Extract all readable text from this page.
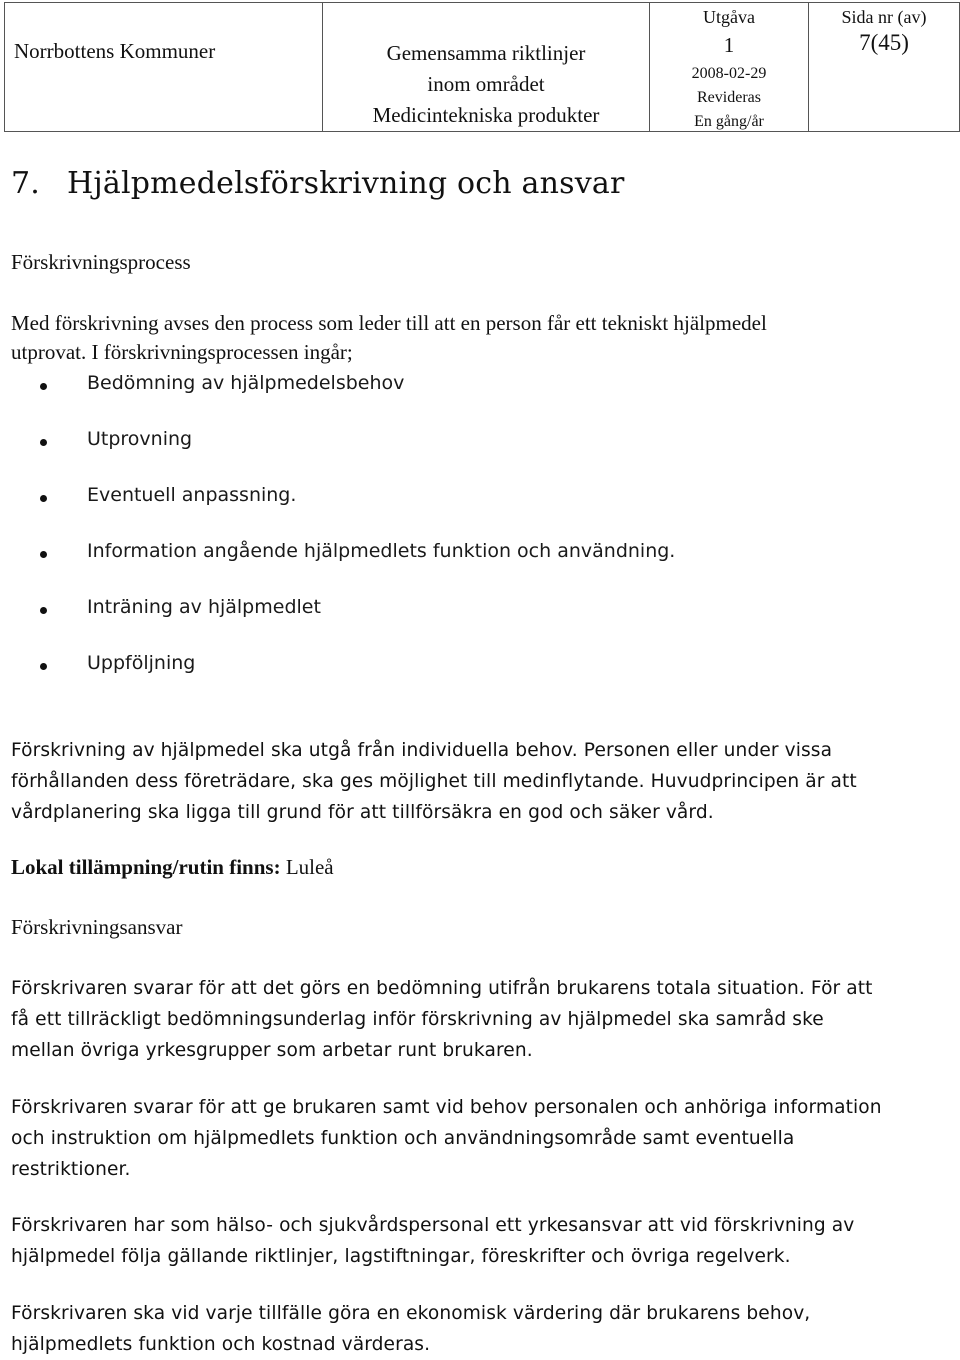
Norrbottens Kommuner	Gemensamma riktlinjer
inom området
Medicintekniska produkter

Utgåva
1
2008-02-29
Revideras
En gång/år

Sida nr (av)
7(45)
7. Hjälpmedelsförskrivning och ansvar
Förskrivningsprocess
Med förskrivning avses den process som leder till att en person får ett tekniskt hjälpmedel
utprovat. I förskrivningsprocessen ingår;
Bedömning av hjälpmedelsbehov
Utprovning
Eventuell anpassning.
Information angående hjälpmedlets funktion och användning.
Inträning av hjälpmedlet
Uppföljning
Förskrivning av hjälpmedel ska utgå från individuella behov. Personen eller under vissa
förhållanden dess företrädare, ska ges möjlighet till medinflytande. Huvudprincipen är att
vårdplanering ska ligga till grund för att tillförsäkra en god och säker vård.
Lokal tillämpning/rutin finns: Luleå
Förskrivningsansvar
Förskrivaren svarar för att det görs en bedömning utifrån brukarens totala situation. För att
få ett tillräckligt bedömningsunderlag inför förskrivning av hjälpmedel ska samråd ske
mellan övriga yrkesgrupper som arbetar runt brukaren.
Förskrivaren svarar för att ge brukaren samt vid behov personalen och anhöriga information
och instruktion om hjälpmedlets funktion och användningsområde samt eventuella
restriktioner.
Förskrivaren har som hälso- och sjukvårdspersonal ett yrkesansvar att vid förskrivning av
hjälpmedel följa gällande riktlinjer, lagstiftningar, föreskrifter och övriga regelverk.
Förskrivaren ska vid varje tillfälle göra en ekonomisk värdering där brukarens behov,
hjälpmedlets funktion och kostnad värderas.
